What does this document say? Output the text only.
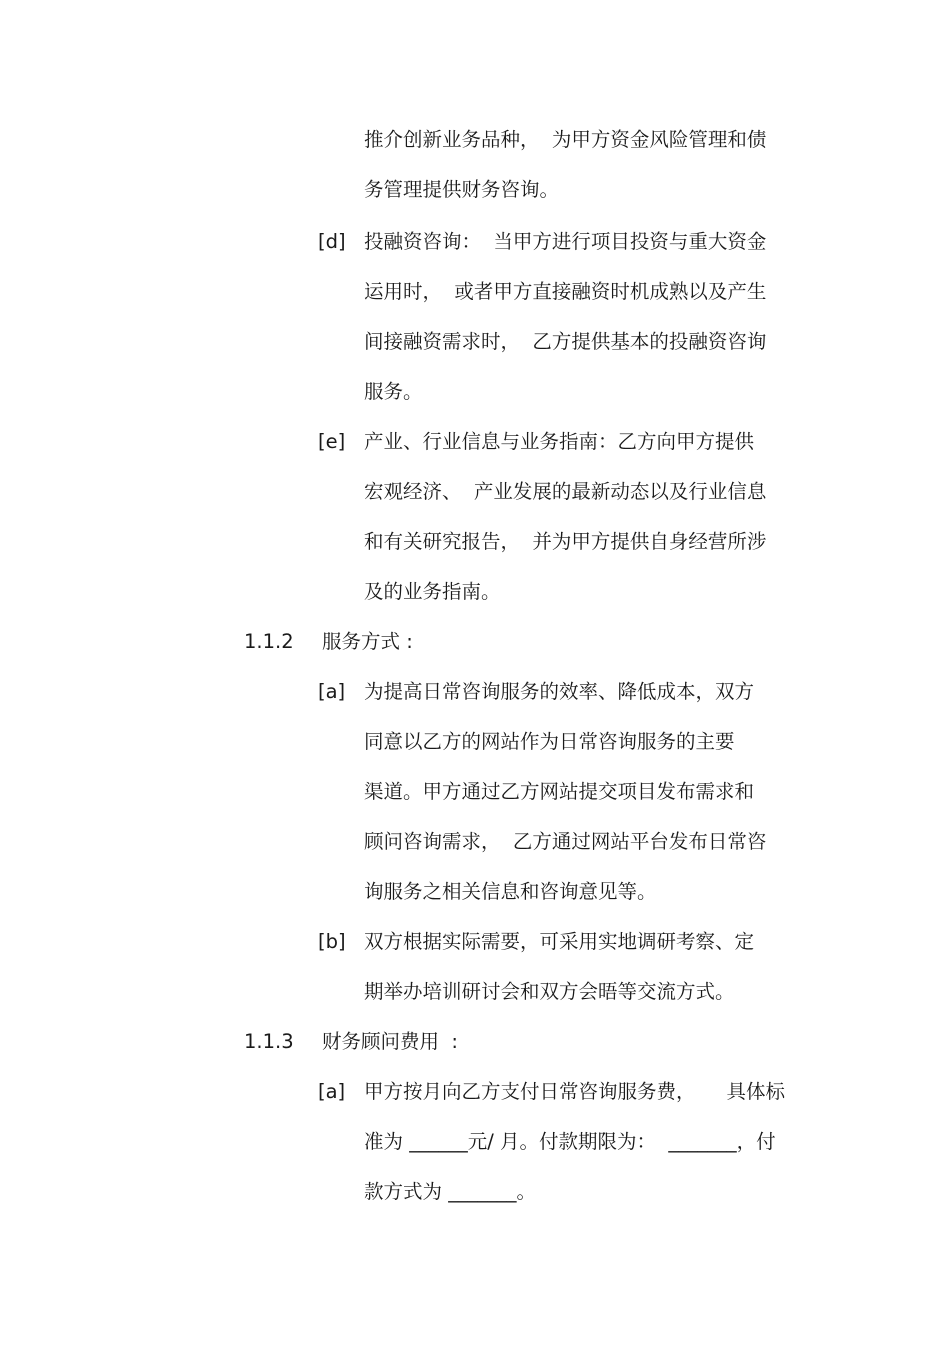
推介创新业务品种，  为甲方资金风险管理和债
务管理提供财务咨询。
[d] 投融资咨询：  当甲方进行项目投资与重大资金
运用时，  或者甲方直接融资时机成熟以及产生
间接融资需求时，  乙方提供基本的投融资咨询
服务。
[e] 产业、行业信息与业务指南：乙方向甲方提供
宏观经济、  产业发展的最新动态以及行业信息
和有关研究报告，  并为甲方提供自身经营所涉
及的业务指南。
1.1.2 服务方式 :
[a] 为提高日常咨询服务的效率、降低成本，双方
同意以乙方的网站作为日常咨询服务的主要
渠道。甲方通过乙方网站提交项目发布需求和
顾问咨询需求，  乙方通过网站平台发布日常咨
询服务之相关信息和咨询意见等。
[b] 双方根据实际需要，可采用实地调研考察、定
期举办培训研讨会和双方会晤等交流方式。
1.1.3 财务顾问费用  :
[a] 甲方按月向乙方支付日常咨询服务费，     具体标
准为 ______元/ 月。付款期限为：  _______，付
款方式为 _______。
